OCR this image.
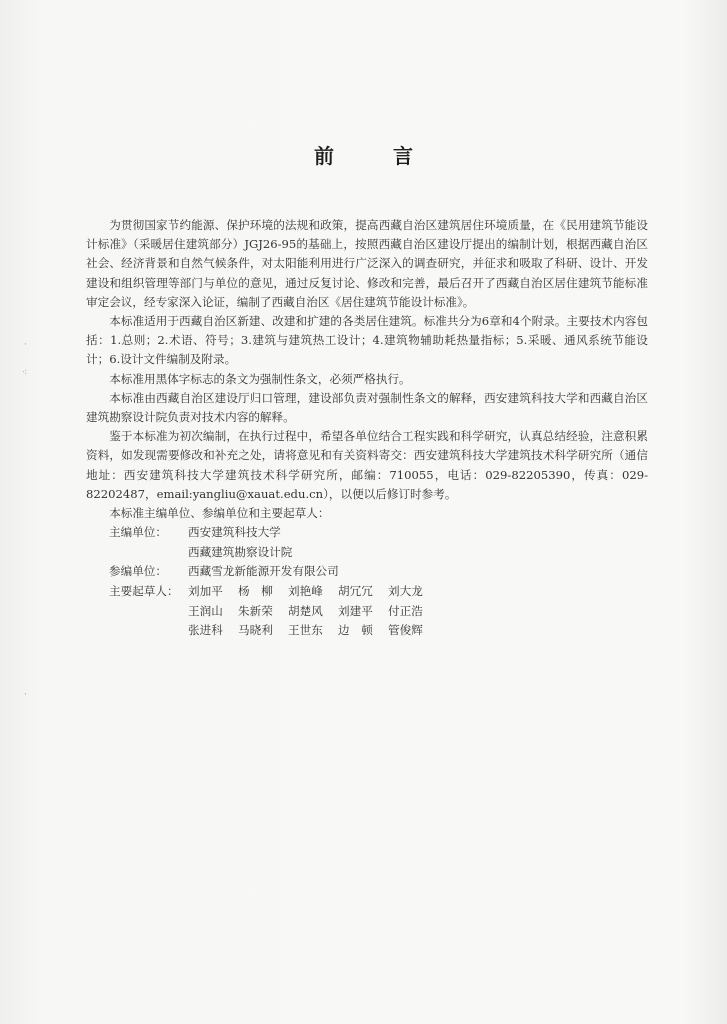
·
⁖
·
前 言

为贯彻国家节约能源、保护环境的法规和政策，提高西藏自治区建筑居住环境质量，在《民用建筑节能设计标准》（采暖居住建筑部分）JGJ26-95的基础上，按照西藏自治区建设厅提出的编制计划，根据西藏自治区社会、经济背景和自然气候条件，对太阳能利用进行广泛深入的调查研究，并征求和吸取了科研、设计、开发建设和组织管理等部门与单位的意见，通过反复讨论、修改和完善，最后召开了西藏自治区居住建筑节能标准审定会议，经专家深入论证，编制了西藏自治区《居住建筑节能设计标准》。

本标准适用于西藏自治区新建、改建和扩建的各类居住建筑。标准共分为6章和4个附录。主要技术内容包括：1.总则；2.术语、符号；3.建筑与建筑热工设计；4.建筑物辅助耗热量指标；5.采暖、通风系统节能设计；6.设计文件编制及附录。

本标准用黑体字标志的条文为强制性条文，必须严格执行。

本标准由西藏自治区建设厅归口管理，建设部负责对强制性条文的解释，西安建筑科技大学和西藏自治区建筑勘察设计院负责对技术内容的解释。

鉴于本标准为初次编制，在执行过程中，希望各单位结合工程实践和科学研究，认真总结经验，注意积累资料，如发现需要修改和补充之处，请将意见和有关资料寄交：西安建筑科技大学建筑技术科学研究所（通信地址：西安建筑科技大学建筑技术科学研究所，邮编：710055，电话：029-82205390，传真：029-82202487，email:yangliu@xauat.edu.cn），以便以后修订时参考。

本标准主编单位、参编单位和主要起草人：

主编单位：	西安建筑科技大学
西藏建筑勘察设计院
参编单位：	西藏雪龙新能源开发有限公司
主要起草人： 刘加平	杨　柳	刘艳峰	胡冗冗	刘大龙
王润山	朱新荣	胡楚风	刘建平	付正浩
张进科	马晓利	王世东	边　顿	管俊辉
